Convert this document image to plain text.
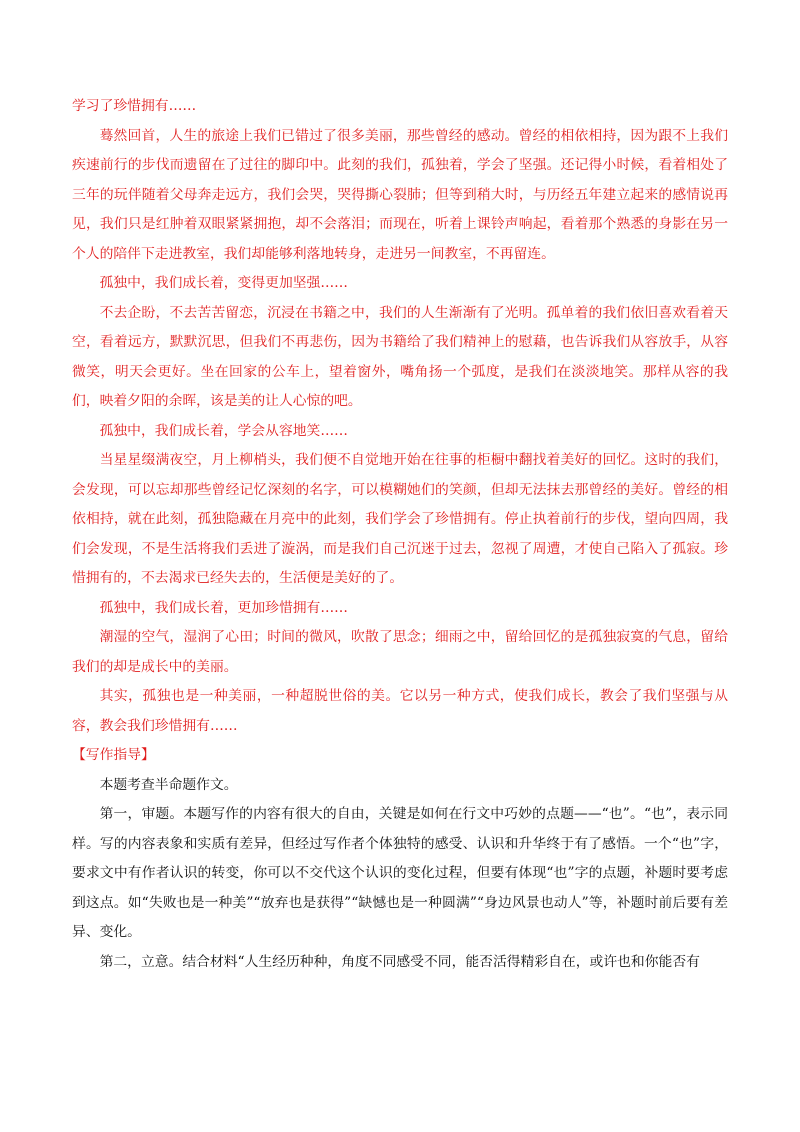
学习了珍惜拥有……

蓦然回首，人生的旅途上我们已错过了很多美丽，那些曾经的感动。曾经的相依相持，因为跟不上我们疾速前行的步伐而遗留在了过往的脚印中。此刻的我们，孤独着，学会了坚强。还记得小时候，看着相处了三年的玩伴随着父母奔走远方，我们会哭，哭得撕心裂肺；但等到稍大时，与历经五年建立起来的感情说再见，我们只是红肿着双眼紧紧拥抱，却不会落泪；而现在，听着上课铃声响起，看着那个熟悉的身影在另一个人的陪伴下走进教室，我们却能够利落地转身，走进另一间教室，不再留连。

孤独中，我们成长着，变得更加坚强……

不去企盼，不去苦苦留恋，沉浸在书籍之中，我们的人生渐渐有了光明。孤单着的我们依旧喜欢看着天空，看着远方，默默沉思，但我们不再悲伤，因为书籍给了我们精神上的慰藉，也告诉我们从容放手，从容微笑，明天会更好。坐在回家的公车上，望着窗外，嘴角扬一个弧度，是我们在淡淡地笑。那样从容的我们，映着夕阳的余晖，该是美的让人心惊的吧。

孤独中，我们成长着，学会从容地笑……

当星星缀满夜空，月上柳梢头，我们便不自觉地开始在往事的柜橱中翻找着美好的回忆。这时的我们，会发现，可以忘却那些曾经记忆深刻的名字，可以模糊她们的笑颜，但却无法抹去那曾经的美好。曾经的相依相持，就在此刻，孤独隐藏在月亮中的此刻，我们学会了珍惜拥有。停止执着前行的步伐，望向四周，我们会发现，不是生活将我们丢进了漩涡，而是我们自己沉迷于过去，忽视了周遭，才使自己陷入了孤寂。珍惜拥有的，不去渴求已经失去的，生活便是美好的了。

孤独中，我们成长着，更加珍惜拥有……

潮湿的空气，湿润了心田；时间的微风，吹散了思念；细雨之中，留给回忆的是孤独寂寞的气息，留给我们的却是成长中的美丽。

其实，孤独也是一种美丽，一种超脱世俗的美。它以另一种方式，使我们成长，教会了我们坚强与从容，教会我们珍惜拥有……

【写作指导】

本题考查半命题作文。

第一，审题。本题写作的内容有很大的自由，关键是如何在行文中巧妙的点题——“也”。“也”，表示同样。写的内容表象和实质有差异，但经过写作者个体独特的感受、认识和升华终于有了感悟。一个“也”字，要求文中有作者认识的转变，你可以不交代这个认识的变化过程，但要有体现“也”字的点题，补题时要考虑到这点。如“失败也是一种美”“放弃也是获得”“缺憾也是一种圆满”“身边风景也动人”等，补题时前后要有差异、变化。

第二，立意。结合材料“人生经历种种，角度不同感受不同，能否活得精彩自在，或许也和你能否有
